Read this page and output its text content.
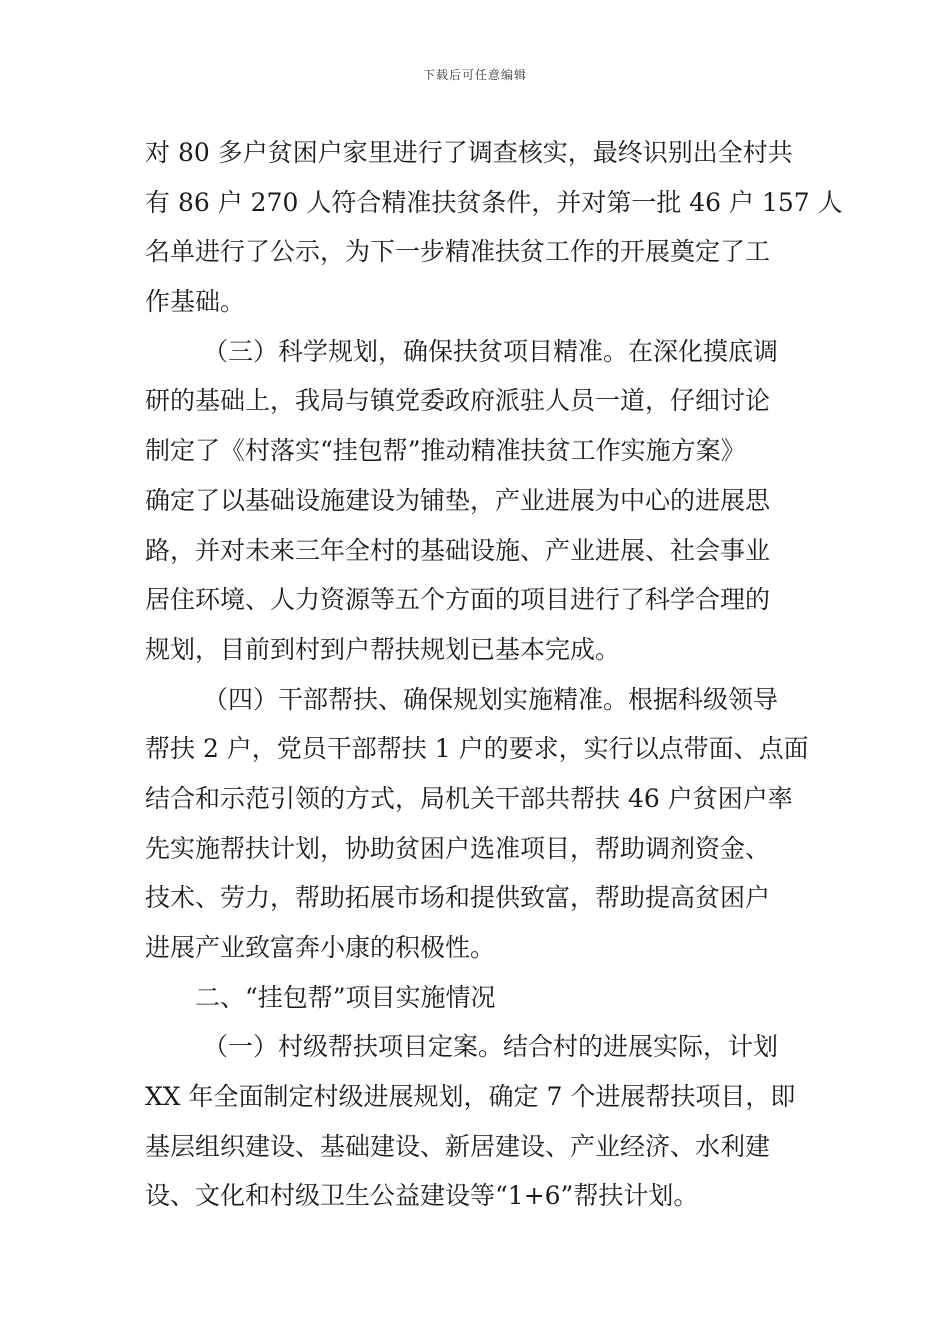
下载后可任意编辑
对 80 多户贫困户家里进行了调查核实，最终识别出全村共
有 86 户 270 人符合精准扶贫条件，并对第一批 46 户 157 人
名单进行了公示，为下一步精准扶贫工作的开展奠定了工
作基础。
（三）科学规划，确保扶贫项目精准。在深化摸底调
研的基础上，我局与镇党委政府派驻人员一道，仔细讨论
制定了《村落实“挂包帮”推动精准扶贫工作实施方案》
确定了以基础设施建设为铺垫，产业进展为中心的进展思
路，并对未来三年全村的基础设施、产业进展、社会事业
居住环境、人力资源等五个方面的项目进行了科学合理的
规划，目前到村到户帮扶规划已基本完成。
（四）干部帮扶、确保规划实施精准。根据科级领导
帮扶 2 户，党员干部帮扶 1 户的要求，实行以点带面、点面
结合和示范引领的方式，局机关干部共帮扶 46 户贫困户率
先实施帮扶计划，协助贫困户选准项目，帮助调剂资金、
技术、劳力，帮助拓展市场和提供致富，帮助提高贫困户
进展产业致富奔小康的积极性。
二、“挂包帮”项目实施情况
（一）村级帮扶项目定案。结合村的进展实际，计划
XX 年全面制定村级进展规划，确定 7 个进展帮扶项目，即
基层组织建设、基础建设、新居建设、产业经济、水利建
设、文化和村级卫生公益建设等“1+6”帮扶计划。
